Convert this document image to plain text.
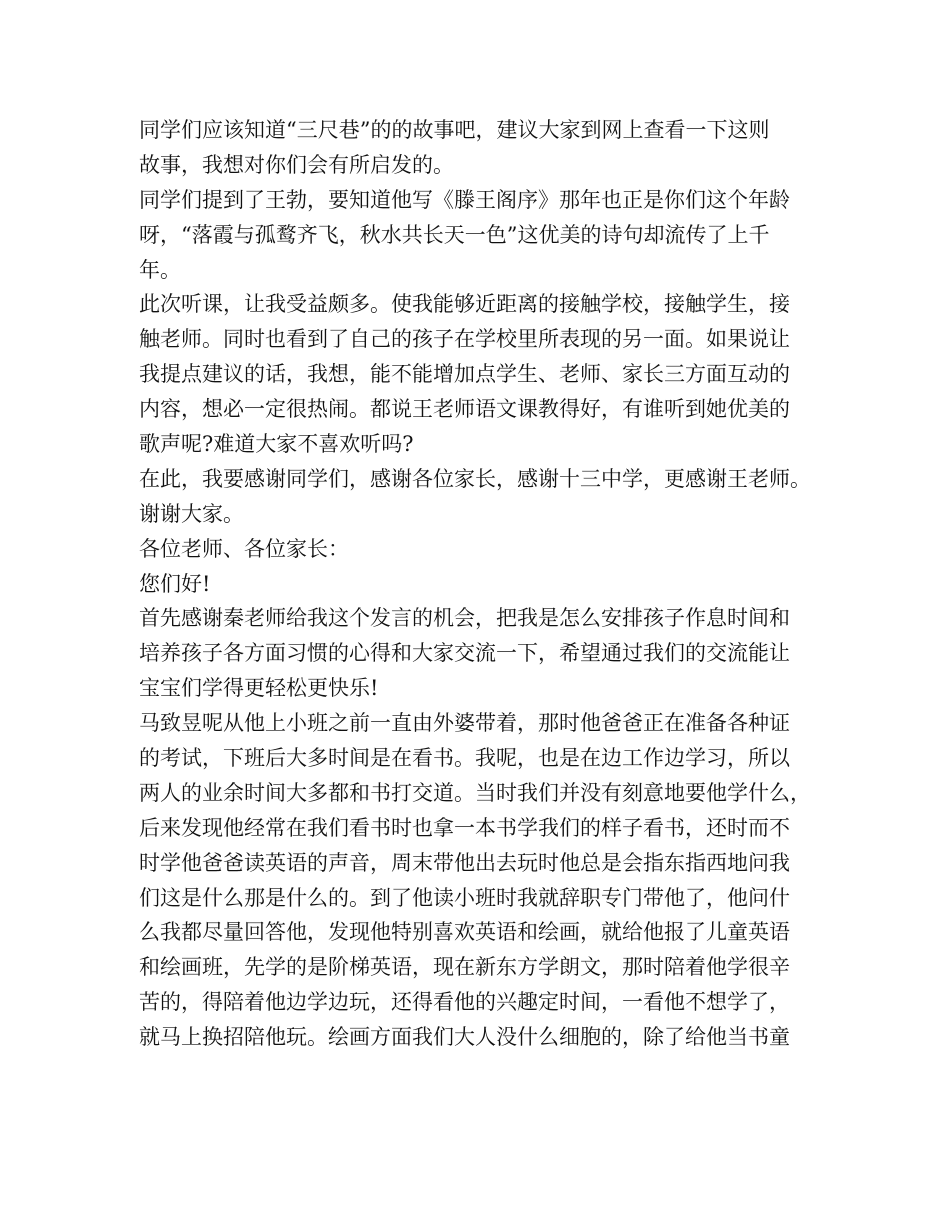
同学们应该知道“三尺巷”的的故事吧，建议大家到网上查看一下这则
故事，我想对你们会有所启发的。
同学们提到了王勃，要知道他写《滕王阁序》那年也正是你们这个年龄
呀，“落霞与孤鹜齐飞，秋水共长天一色”这优美的诗句却流传了上千
年。
此次听课，让我受益颇多。使我能够近距离的接触学校，接触学生，接
触老师。同时也看到了自己的孩子在学校里所表现的另一面。如果说让
我提点建议的话，我想，能不能增加点学生、老师、家长三方面互动的
内容，想必一定很热闹。都说王老师语文课教得好，有谁听到她优美的
歌声呢?难道大家不喜欢听吗?
在此，我要感谢同学们，感谢各位家长，感谢十三中学，更感谢王老师。
谢谢大家。
各位老师、各位家长：
您们好!
首先感谢秦老师给我这个发言的机会，把我是怎么安排孩子作息时间和
培养孩子各方面习惯的心得和大家交流一下，希望通过我们的交流能让
宝宝们学得更轻松更快乐!
马致昱呢从他上小班之前一直由外婆带着，那时他爸爸正在准备各种证
的考试，下班后大多时间是在看书。我呢，也是在边工作边学习，所以
两人的业余时间大多都和书打交道。当时我们并没有刻意地要他学什么，
后来发现他经常在我们看书时也拿一本书学我们的样子看书，还时而不
时学他爸爸读英语的声音，周末带他出去玩时他总是会指东指西地问我
们这是什么那是什么的。到了他读小班时我就辞职专门带他了，他问什
么我都尽量回答他，发现他特别喜欢英语和绘画，就给他报了儿童英语
和绘画班，先学的是阶梯英语，现在新东方学朗文，那时陪着他学很辛
苦的，得陪着他边学边玩，还得看他的兴趣定时间，一看他不想学了，
就马上换招陪他玩。绘画方面我们大人没什么细胞的，除了给他当书童
